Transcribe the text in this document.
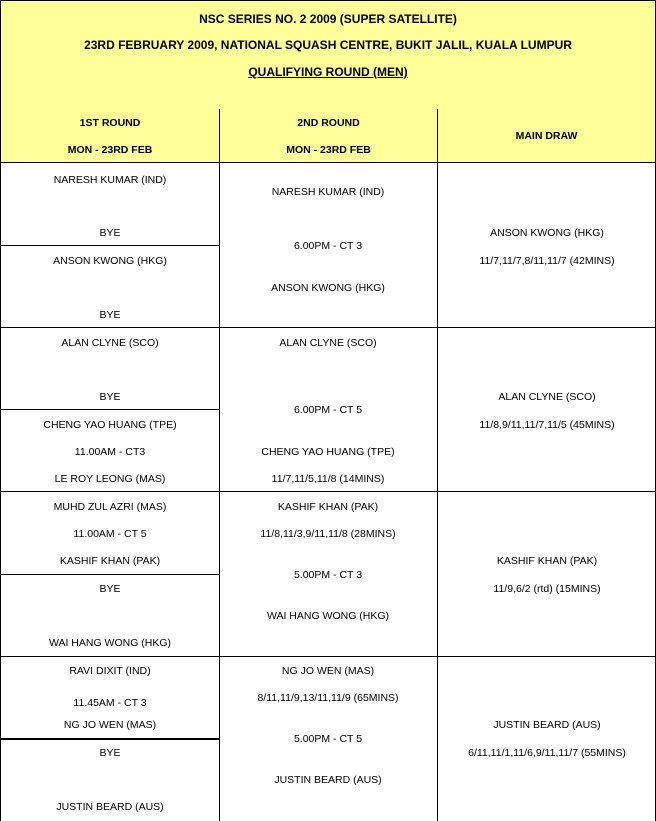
NSC SERIES NO. 2 2009 (SUPER SATELLITE)
23RD FEBRUARY 2009, NATIONAL SQUASH CENTRE, BUKIT JALIL, KUALA LUMPUR
QUALIFYING ROUND (MEN)
1ST ROUND
MON - 23RD FEB
2ND ROUND
MON - 23RD FEB
MAIN DRAW
NARESH KUMAR (IND)
BYE
ANSON KWONG (HKG)
BYE
NARESH KUMAR (IND)
6.00PM - CT 3
ANSON KWONG (HKG)
ANSON KWONG (HKG)
11/7,11/7,8/11,11/7 (42MINS)
ALAN CLYNE (SCO)
BYE
CHENG YAO HUANG (TPE)
11.00AM - CT3
LE ROY LEONG (MAS)
ALAN CLYNE (SCO)
6.00PM - CT 5
CHENG YAO HUANG (TPE)
11/7,11/5,11/8 (14MINS)
ALAN CLYNE (SCO)
11/8,9/11,11/7,11/5 (45MINS)
MUHD ZUL AZRI (MAS)
11.00AM - CT 5
KASHIF KHAN (PAK)
BYE
WAI HANG WONG (HKG)
KASHIF KHAN (PAK)
11/8,11/3,9/11,11/8 (28MINS)
5.00PM - CT 3
WAI HANG WONG (HKG)
KASHIF KHAN (PAK)
11/9,6/2 (rtd) (15MINS)
RAVI DIXIT (IND)
11.45AM - CT 3
NG JO WEN (MAS)
BYE
JUSTIN BEARD (AUS)
NG JO WEN (MAS)
8/11,11/9,13/11,11/9 (65MINS)
5.00PM - CT 5
JUSTIN BEARD (AUS)
JUSTIN BEARD (AUS)
6/11,11/1,11/6,9/11,11/7 (55MINS)
